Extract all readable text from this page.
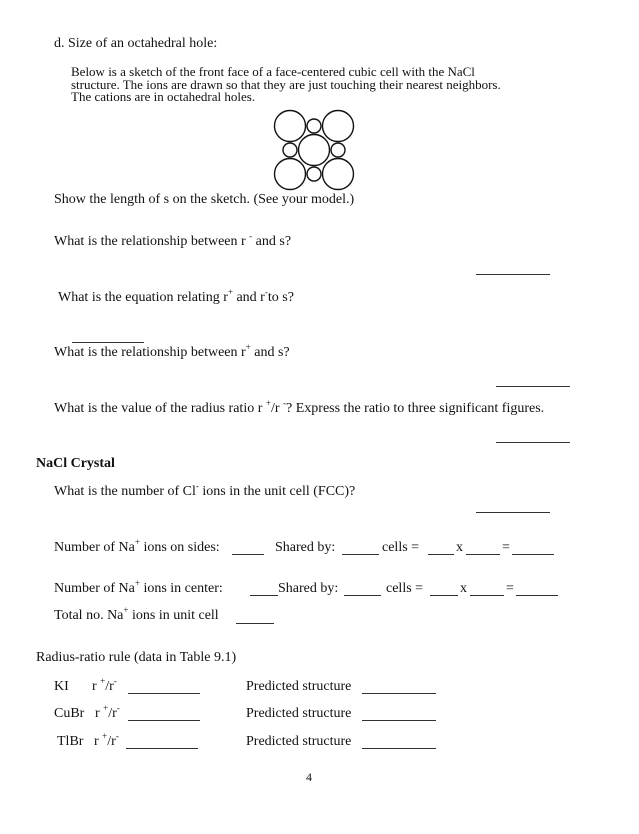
d. Size of an octahedral hole:
Below is a sketch of the front face of a face-centered cubic cell with the NaCl
structure. The ions are drawn so that they are just touching their nearest neighbors.
The cations are in octahedral holes.
Show the length of s on the sketch. (See your model.)
What is the relationship between r - and s?
What is the equation relating r+ and r-to s?
What is the relationship between r+ and s?
What is the value of the radius ratio r +/r -? Express the ratio to three significant figures.
NaCl Crystal
What is the number of Cl- ions in the unit cell (FCC)?
Number of Na+ ions on sides:	Shared by:	cells =	x	=
Number of Na+ ions in center:	Shared by:	cells =	x	=
Total no. Na+ ions in unit cell
Radius-ratio rule (data in Table 9.1)
KI r +/r-	Predicted structure
CuBr r +/r-	Predicted structure
TlBr r +/r-	Predicted structure
4
